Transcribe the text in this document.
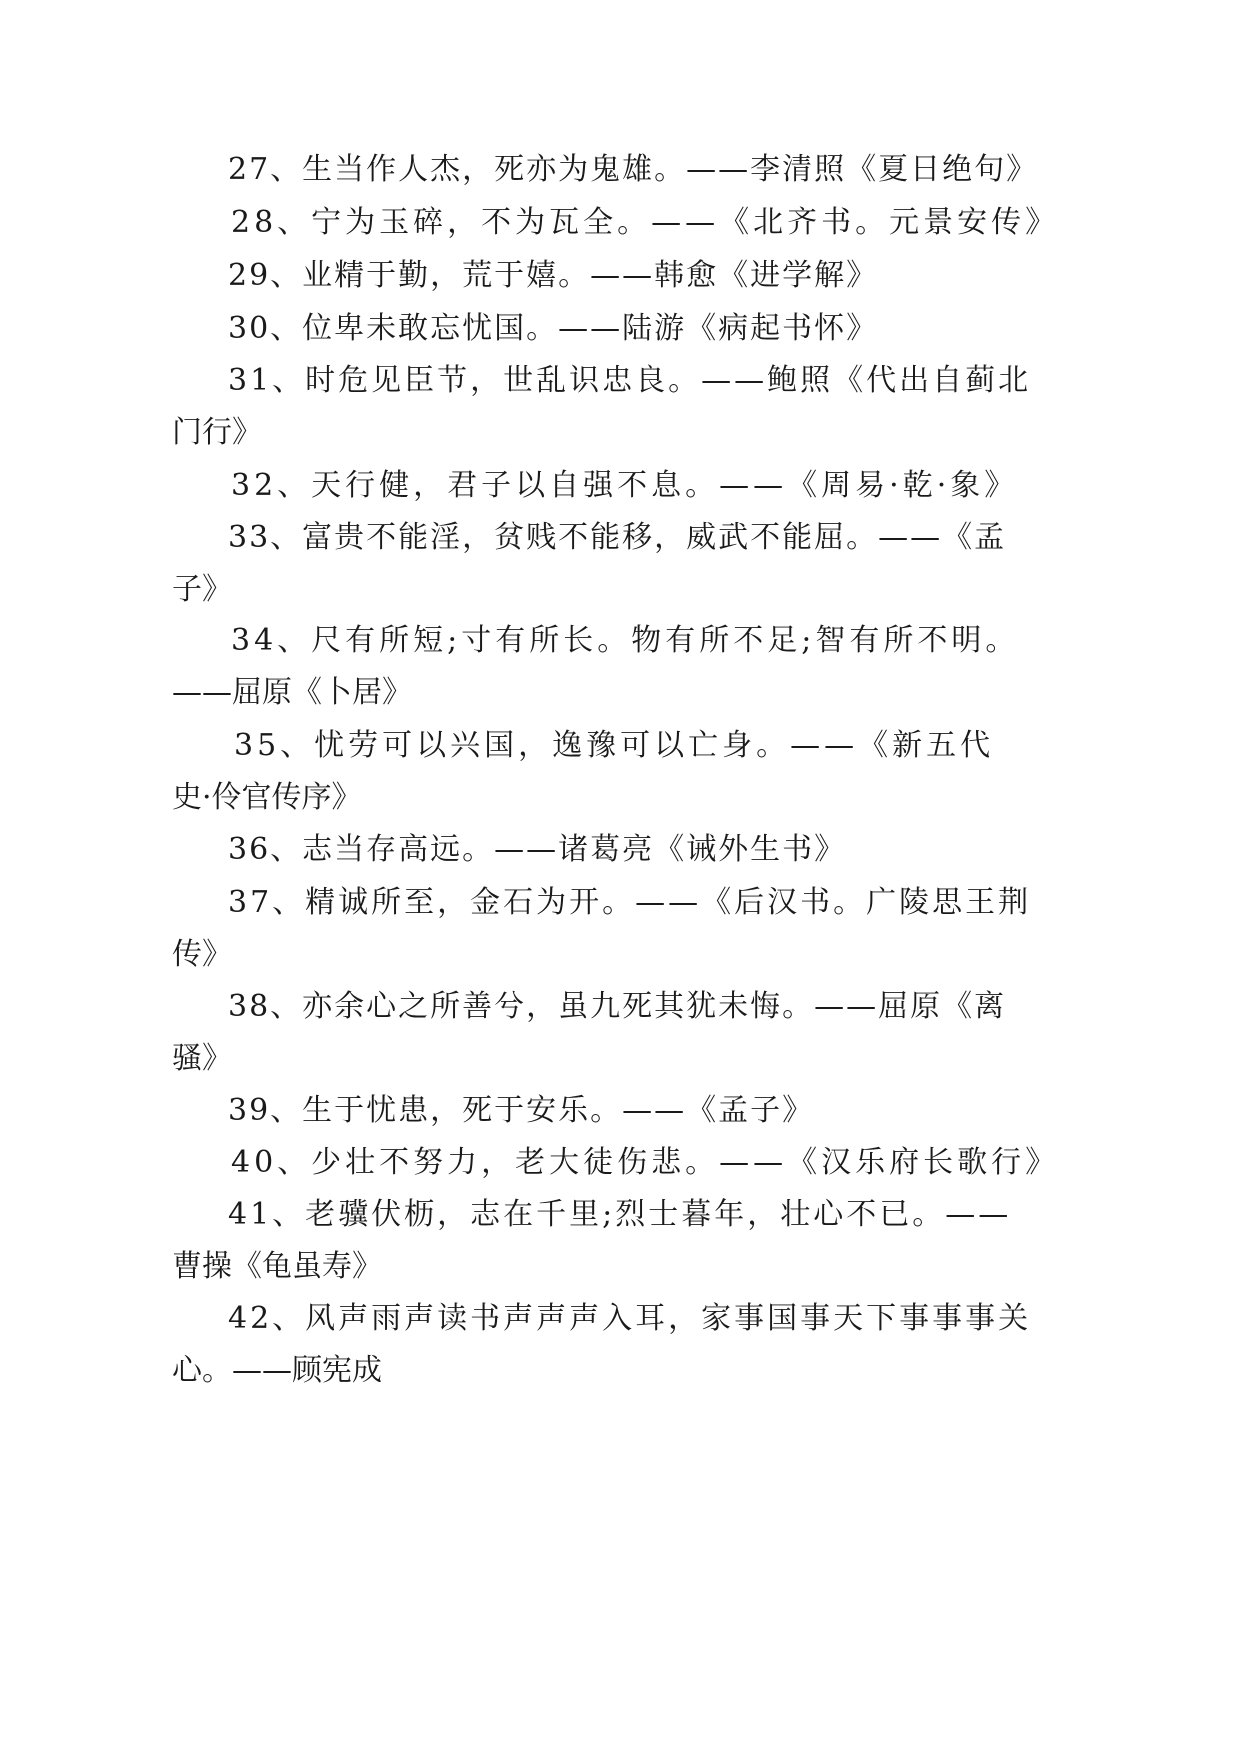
27、生当作人杰，死亦为鬼雄。——李清照《夏日绝句》

28、宁为玉碎，不为瓦全。——《北齐书。元景安传》

29、业精于勤，荒于嬉。——韩愈《进学解》

30、位卑未敢忘忧国。——陆游《病起书怀》

31、时危见臣节，世乱识忠良。——鲍照《代出自蓟北

门行》

32、天行健，君子以自强不息。——《周易·乾·象》

33、富贵不能淫，贫贱不能移，威武不能屈。——《孟

子》

34、尺有所短;寸有所长。物有所不足;智有所不明。

——屈原《卜居》

35、忧劳可以兴国，逸豫可以亡身。——《新五代

史·伶官传序》

36、志当存高远。——诸葛亮《诫外生书》

37、精诚所至，金石为开。——《后汉书。广陵思王荆

传》

38、亦余心之所善兮，虽九死其犹未悔。——屈原《离

骚》

39、生于忧患，死于安乐。——《孟子》

40、少壮不努力，老大徒伤悲。——《汉乐府长歌行》

41、老骥伏枥，志在千里;烈士暮年，壮心不已。——

曹操《龟虽寿》

42、风声雨声读书声声声入耳，家事国事天下事事事关

心。——顾宪成
